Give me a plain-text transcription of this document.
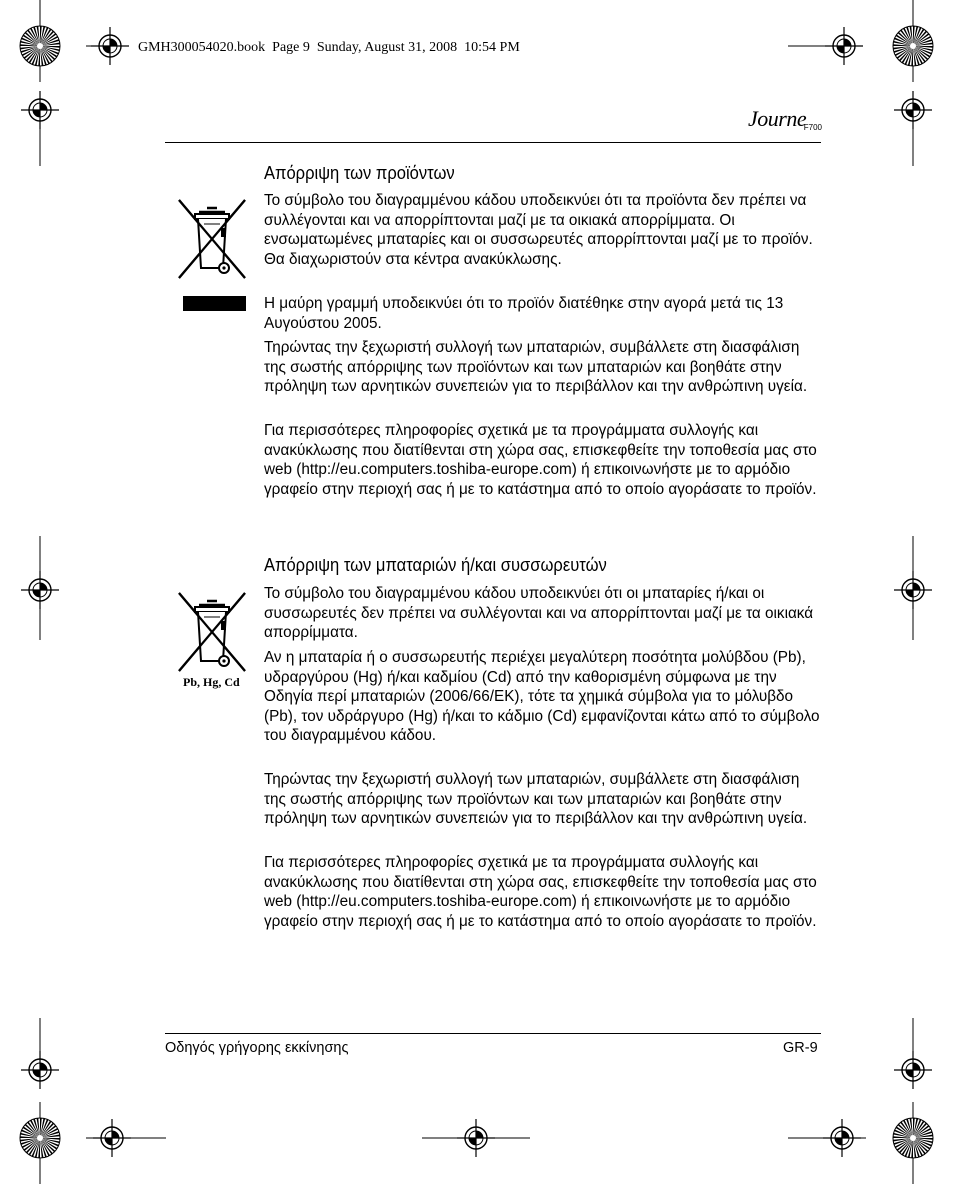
GMH300054020.book  Page 9  Sunday, August 31, 2008  10:54 PM
Journe
F700
Απόρριψη των προϊόντων

Το σύμβολο του διαγραμμένου κάδου υποδεικνύει ότι τα προϊόντα δεν πρέπει να συλλέγονται και να απορρίπτονται μαζί με τα οικιακά απορρίμματα. Οι ενσωματωμένες μπαταρίες και οι συσσωρευτές απορρίπτονται μαζί με το προϊόν. Θα διαχωριστούν στα κέντρα ανακύκλωσης.

Η μαύρη γραμμή υποδεικνύει ότι το προϊόν διατέθηκε στην αγορά μετά τις 13 Αυγούστου 2005.

Τηρώντας την ξεχωριστή συλλογή των μπαταριών, συμβάλλετε στη διασφάλιση της σωστής απόρριψης των προϊόντων και των μπαταριών και βοηθάτε στην πρόληψη των αρνητικών συνεπειών για το περιβάλλον και την ανθρώπινη υγεία.

Για περισσότερες πληροφορίες σχετικά με τα προγράμματα συλλογής και ανακύκλωσης που διατίθενται στη χώρα σας, επισκεφθείτε την τοποθεσία μας στο web (http://eu.computers.toshiba-europe.com) ή επικοινωνήστε με το αρμόδιο γραφείο στην περιοχή σας ή με το κατάστημα από το οποίο αγοράσατε το προϊόν.

Απόρριψη των μπαταριών ή/και συσσωρευτών
Pb, Hg, Cd

Το σύμβολο του διαγραμμένου κάδου υποδεικνύει ότι οι μπαταρίες ή/και οι συσσωρευτές δεν πρέπει να συλλέγονται και να απορρίπτονται μαζί με τα οικιακά απορρίμματα.

Αν η μπαταρία ή ο συσσωρευτής περιέχει μεγαλύτερη ποσότητα μολύβδου (Pb), υδραργύρου (Hg) ή/και καδμίου (Cd) από την καθορισμένη σύμφωνα με την Οδηγία περί μπαταριών (2006/66/ΕΚ), τότε τα χημικά σύμβολα για το μόλυβδο (Pb), τον υδράργυρο (Hg) ή/και το κάδμιο (Cd) εμφανίζονται κάτω από το σύμβολο του διαγραμμένου κάδου.

Τηρώντας την ξεχωριστή συλλογή των μπαταριών, συμβάλλετε στη διασφάλιση της σωστής απόρριψης των προϊόντων και των μπαταριών και βοηθάτε στην πρόληψη των αρνητικών συνεπειών για το περιβάλλον και την ανθρώπινη υγεία.

Για περισσότερες πληροφορίες σχετικά με τα προγράμματα συλλογής και ανακύκλωσης που διατίθενται στη χώρα σας, επισκεφθείτε την τοποθεσία μας στο web (http://eu.computers.toshiba-europe.com) ή επικοινωνήστε με το αρμόδιο γραφείο στην περιοχή σας ή με το κατάστημα από το οποίο αγοράσατε το προϊόν.

Οδηγός γρήγορης εκκίνησης	GR-9
